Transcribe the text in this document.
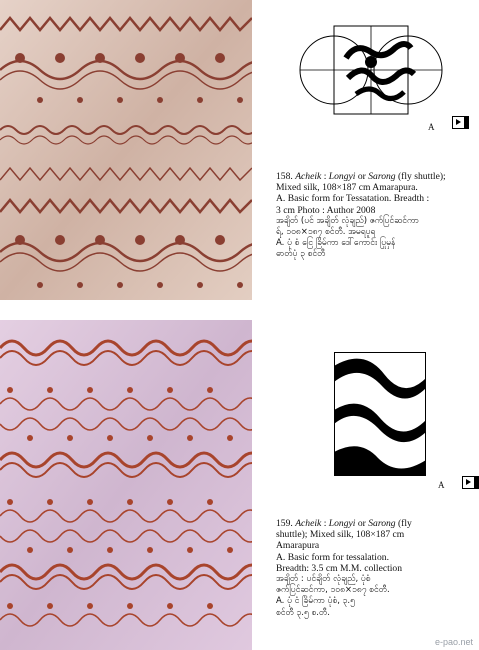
A
158. Acheik : Longyi or Sarong (fly shuttle);
Mixed silk, 108×187 cm Amarapura.
A. Basic form for Tessatation. Breadth :
3 cm Photo : Author 2008
အချိတ် (ပင် အချိတ် လုံချည်) ဇက်ပြင်ဆင်ကာ
ရ်, ၁၀၈×၁၈၇ စင်တီ. အမရပူရ
A. ပုံ စံ ငြေ ခြိမ်ကာ ဒေါ်ကောင်း ပြုမှန်
ဓာတ်ပုံ ၃ စင်တီ
A
159. Acheik : Longyi or Sarong (fly
shuttle); Mixed silk, 108×187 cm
Amarapura
A. Basic form for tessalation.
Breadth: 3.5 cm M.M. collection
အချိတ် : ပင်ချိတ် လုံချည်, ပုံစံ
ဇက်ပြင်ဆင်ကာ, ၁၀၈×၁၈၇ စင်တီ.
A. ပုံ ငံ ခြိမ်ကာ ပုံစံ, ၃.၅
စင်တီ ၃.၅ စ.တီ.
e-pao.net
